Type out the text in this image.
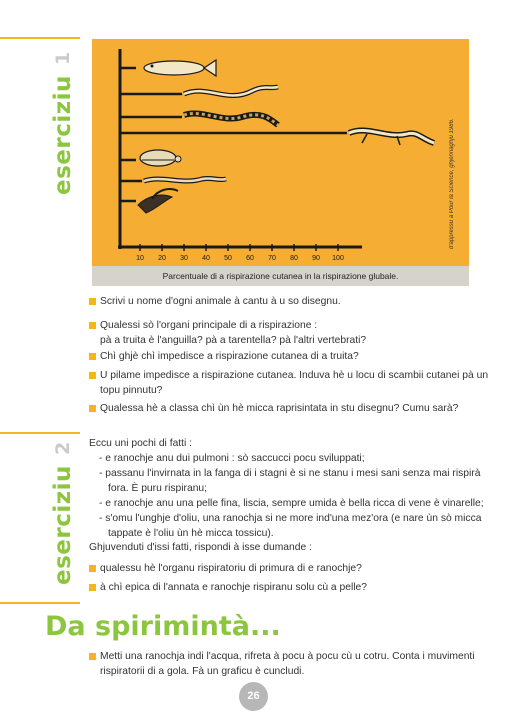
eserciziu
1
10 20 30 40 50 60 70 80 90 100
d'appressu à Pour la Science, ghjennaghju 1986.
Parcentuale di a rispirazione cutanea in la rispirazione glubale.
Scrivi u nome d'ogni animale à cantu à u so disegnu.
Qualessi sò l'organi principale di a rispirazione :
pà a truita è l'anguilla? pà a tarentella? pà l'altri vertebrati?
Chì ghjè chì impedisce a rispirazione cutanea di a truita?
U pilame impedisce a rispirazione cutanea. Induva hè u locu di scambii cutanei pà un
topu pinnutu?
Qualessa hè a classa chì ùn hè micca raprisintata in stu disegnu? Cumu sarà?
eserciziu
2 Eccu uni pochi di fatti :
- e ranochje anu dui pulmoni : sò saccucci pocu sviluppati;
- passanu l'invirnata in la fanga di i stagni è si ne stanu i mesi sani senza mai rispirà
fora. È puru rispiranu;
- e ranochje anu una pelle fina, liscia, sempre umida è bella ricca di vene è vinarelle;
- s'omu l'unghje d'oliu, una ranochja si ne more ind'una mez'ora (e nare ùn sò micca
tappate è l'oliu ùn hè micca tossicu).
Ghjuvenduti d'issi fatti, rispondi à isse dumande :
qualessu hè l'organu rispiratoriu di primura di e ranochje?
à chì epica di l'annata e ranochje rispiranu solu cù a pelle?
Da spirimintà...
Metti una ranochja indi l'acqua, rifreta à pocu à pocu cù u cotru. Conta i muvimenti
rispiratorii di a gola. Fà un graficu è cuncludi.
26
